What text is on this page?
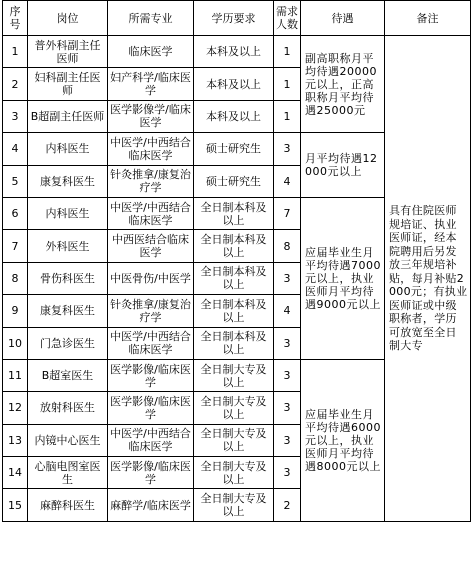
序号	岗位	所需专业	学历要求	需求人数	待遇	备注
1	普外科副主任医师	临床医学	本科及以上	1	副高职称月平均待遇20000元以上，正高职称月平均待遇25000元	具有住院医师规培证、执业医师证，经本院聘用后另发放三年规培补贴，每月补贴2000元；有执业医师证或中级职称者，学历可放宽至全日制大专
2	妇科副主任医师	妇产科学/临床医学	本科及以上	1		
3	B超副主任医师	医学影像学/临床医学	本科及以上	1		
4	内科医生	中医学/中西结合临床医学	硕士研究生	3	月平均待遇12000元以上	
5	康复科医生	针灸推拿/康复治疗学	硕士研究生	4		
6	内科医生	中医学/中西结合临床医学	全日制本科及以上	7	应届毕业生月平均待遇7000元以上，执业医师月平均待遇9000元以上	
7	外科医生	中西医结合临床医学	全日制本科及以上	8		
8	骨伤科医生	中医骨伤/中医学	全日制本科及以上	3		
9	康复科医生	针灸推拿/康复治疗学	全日制本科及以上	4		
10	门急诊医生	中医学/中西结合临床医学	全日制本科及以上	3		
11	B超室医生	医学影像/临床医学	全日制大专及以上	3	应届毕业生月平均待遇6000元以上，执业医师月平均待遇8000元以上	
12	放射科医生	医学影像/临床医学	全日制大专及以上	3		
13	内镜中心医生	中医学/中西结合临床医学	全日制大专及以上	3		
14	心脑电图室医生	医学影像/临床医学	全日制大专及以上	3		
15	麻醉科医生	麻醉学/临床医学	全日制大专及以上	2		
